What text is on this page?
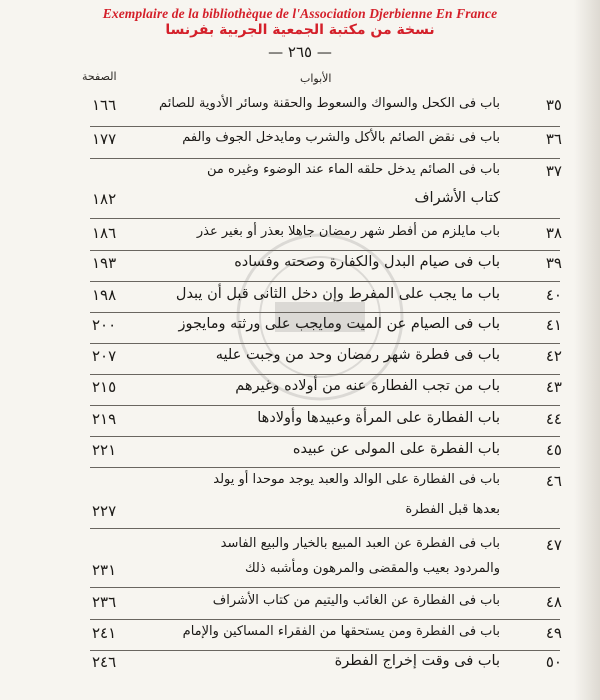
Exemplaire de la bibliothèque de l'Association Djerbienne En France
نسخة من مكتبة الجمعية الجربية بفرنسا
— ٢٦٥ —
الأبواب
الصفحة
٣٥
باب فى الكحل والسواك والسعوط والحقنة وسائر الأدوية للصائم
١٦٦
٣٦
باب فى نقض الصائم بالأكل والشرب ومايدخل الجوف والفم
١٧٧
٣٧
باب فى الصائم يدخل حلقه الماء عند الوضوء وغيره من
كتاب الأشراف
١٨٢
٣٨
باب مايلزم من أفطر شهر رمضان جاهلا بعذر أو بغير عذر
١٨٦
٣٩
باب فى صيام البدل والكفارة وصحته وفساده
١٩٣
٤٠
باب ما يجب على المفرط وإن دخل الثانى قبل أن يبدل
١٩٨
٤١
باب فى الصيام عن الميت ومايجب على ورثته ومايجوز
٢٠٠
٤٢
باب فى فطرة شهر رمضان وحد من وجبت عليه
٢٠٧
٤٣
باب من تجب الفطارة عنه من أولاده وغيرهم
٢١٥
٤٤
باب الفطارة على المرأة وعبيدها وأولادها
٢١٩
٤٥
باب الفطرة على المولى عن عبيده
٢٢١
٤٦
باب فى الفطارة على الوالد والعبد يوجد موحدا أو يولد
بعدها قبل الفطرة
٢٢٧
٤٧
باب فى الفطرة عن العبد المبيع بالخيار والبيع الفاسد
والمردود بعيب والمقضى والمرهون ومأشبه ذلك
٢٣١
٤٨
باب فى الفطارة عن الغائب واليتيم من كتاب الأشراف
٢٣٦
٤٩
باب فى الفطرة ومن يستحقها من الفقراء المساكين والإمام
٢٤١
٥٠
باب فى وقت إخراج الفطرة
٢٤٦
